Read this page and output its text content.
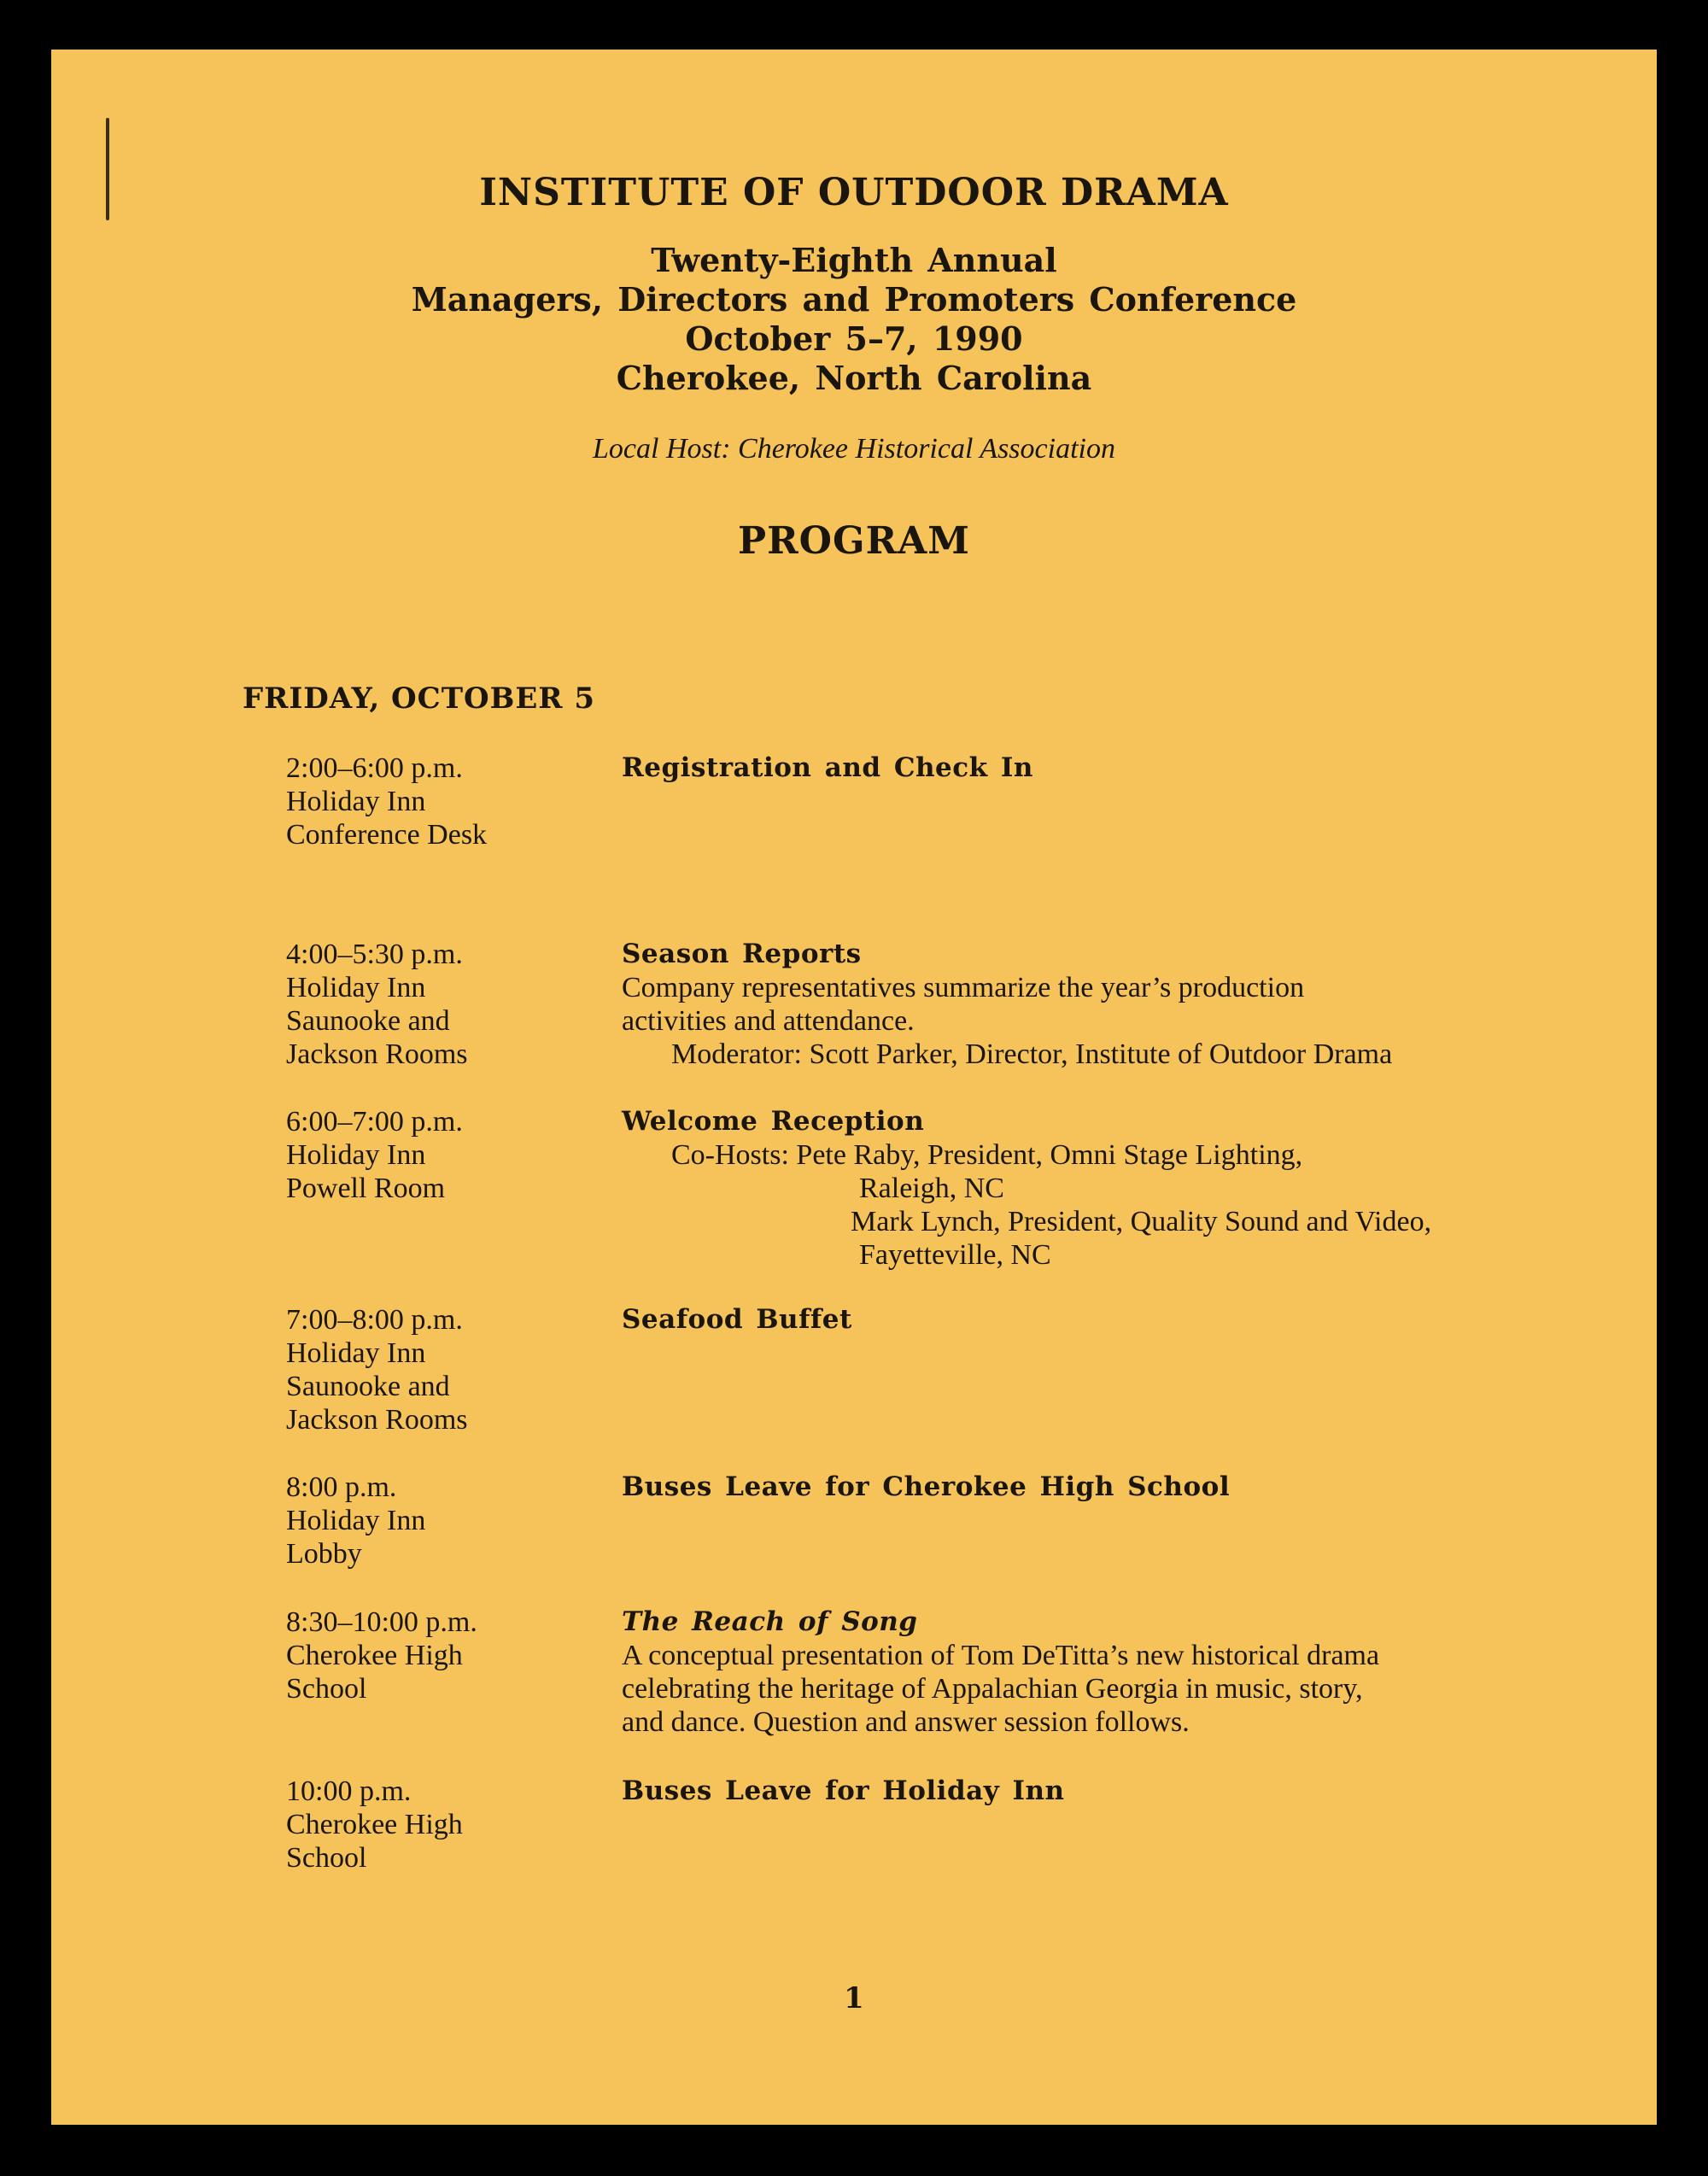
INSTITUTE OF OUTDOOR DRAMA
Twenty-Eighth Annual
Managers, Directors and Promoters Conference
October 5–7, 1990
Cherokee, North Carolina
Local Host: Cherokee Historical Association
PROGRAM
FRIDAY, OCTOBER 5
2:00–6:00 p.m.
Holiday Inn
Conference Desk
Registration and Check In
4:00–5:30 p.m.
Holiday Inn
Saunooke and
Jackson Rooms
Season Reports
Company representatives summarize the year’s production
activities and attendance.
Moderator: Scott Parker, Director, Institute of Outdoor Drama
6:00–7:00 p.m.
Holiday Inn
Powell Room
Welcome Reception
Co-Hosts: Pete Raby, President, Omni Stage Lighting,
Raleigh, NC
Mark Lynch, President, Quality Sound and Video,
Fayetteville, NC
7:00–8:00 p.m.
Holiday Inn
Saunooke and
Jackson Rooms
Seafood Buffet
8:00 p.m.
Holiday Inn
Lobby
Buses Leave for Cherokee High School
8:30–10:00 p.m.
Cherokee High
School
The Reach of Song
A conceptual presentation of Tom DeTitta’s new historical drama
celebrating the heritage of Appalachian Georgia in music, story,
and dance. Question and answer session follows.
10:00 p.m.
Cherokee High
School
Buses Leave for Holiday Inn
1
